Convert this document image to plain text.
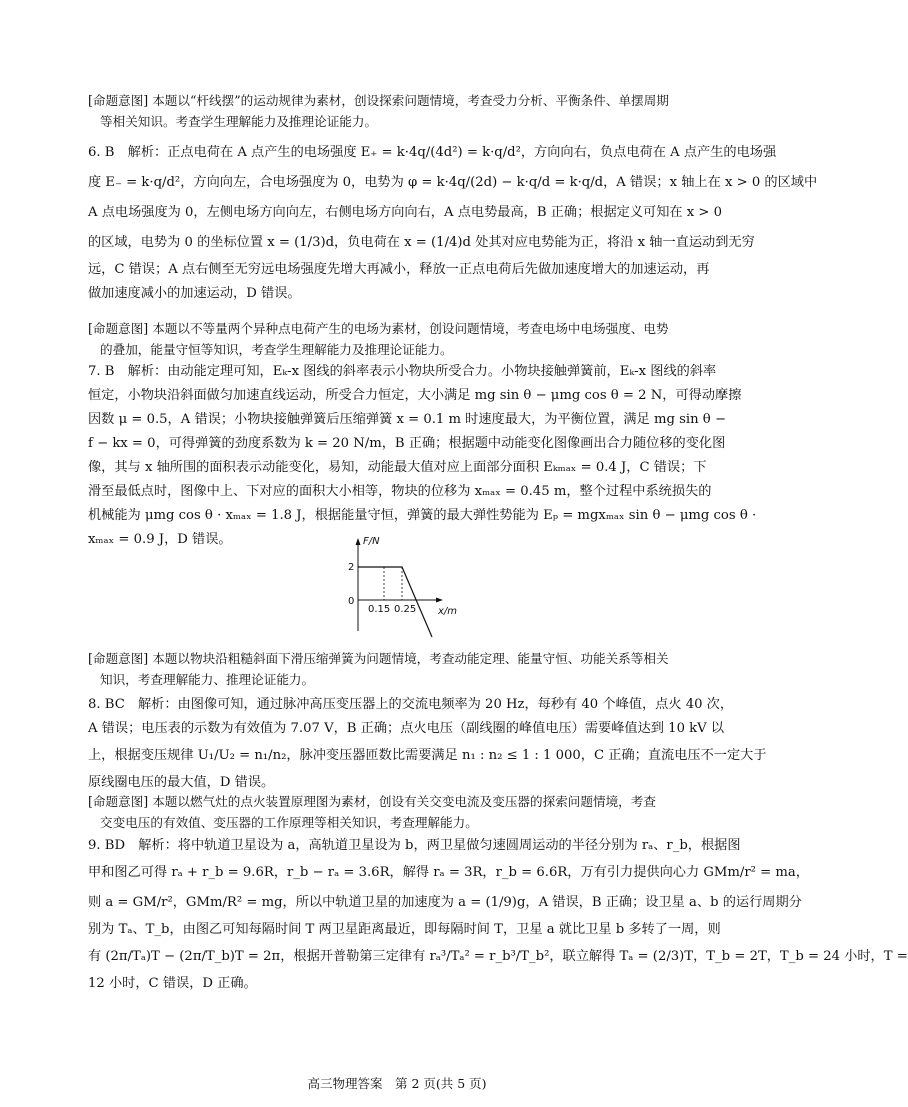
[命题意图] 本题以“杆线摆”的运动规律为素材，创设探索问题情境，考查受力分析、平衡条件、单摆周期
等相关知识。考查学生理解能力及推理论证能力。
6. B　解析：正点电荷在 A 点产生的电场强度 E₊ = k·4q/(4d²) = k·q/d²，方向向右，负点电荷在 A 点产生的电场强
度 E₋ = k·q/d²，方向向左，合电场强度为 0，电势为 φ = k·4q/(2d) − k·q/d = k·q/d，A 错误；x 轴上在 x > 0 的区域中
A 点电场强度为 0，左侧电场方向向左，右侧电场方向向右，A 点电势最高，B 正确；根据定义可知在 x > 0
的区域，电势为 0 的坐标位置 x = (1/3)d，负电荷在 x = (1/4)d 处其对应电势能为正，将沿 x 轴一直运动到无穷
远，C 错误；A 点右侧至无穷远电场强度先增大再减小，释放一正点电荷后先做加速度增大的加速运动，再
做加速度减小的加速运动，D 错误。
[命题意图] 本题以不等量两个异种点电荷产生的电场为素材，创设问题情境，考查电场中电场强度、电势
的叠加，能量守恒等知识，考查学生理解能力及推理论证能力。
7. B　解析：由动能定理可知，Eₖ-x 图线的斜率表示小物块所受合力。小物块接触弹簧前，Eₖ-x 图线的斜率
恒定，小物块沿斜面做匀加速直线运动，所受合力恒定，大小满足 mg sin θ − μmg cos θ = 2 N，可得动摩擦
因数 μ = 0.5，A 错误；小物块接触弹簧后压缩弹簧 x = 0.1 m 时速度最大，为平衡位置，满足 mg sin θ −
f − kx = 0，可得弹簧的劲度系数为 k = 20 N/m，B 正确；根据题中动能变化图像画出合力随位移的变化图
像，其与 x 轴所围的面积表示动能变化，易知，动能最大值对应上面部分面积 Eₖₘₐₓ = 0.4 J，C 错误；下
滑至最低点时，图像中上、下对应的面积大小相等，物块的位移为 xₘₐₓ = 0.45 m，整个过程中系统损失的
机械能为 μmg cos θ · xₘₐₓ = 1.8 J，根据能量守恒，弹簧的最大弹性势能为 Eₚ = mgxₘₐₓ sin θ − μmg cos θ ·
xₘₐₓ = 0.9 J，D 错误。	F/N
2
0
0.15 0.25 x/m
[命题意图] 本题以物块沿粗糙斜面下滑压缩弹簧为问题情境，考查动能定理、能量守恒、功能关系等相关
知识，考查理解能力、推理论证能力。
8. BC　解析：由图像可知，通过脉冲高压变压器上的交流电频率为 20 Hz，每秒有 40 个峰值，点火 40 次，
A 错误；电压表的示数为有效值为 7.07 V，B 正确；点火电压（副线圈的峰值电压）需要峰值达到 10 kV 以
上，根据变压规律 U₁/U₂ = n₁/n₂，脉冲变压器匝数比需要满足 n₁ : n₂ ≤ 1 : 1 000，C 正确；直流电压不一定大于
原线圈电压的最大值，D 错误。
[命题意图] 本题以燃气灶的点火装置原理图为素材，创设有关交变电流及变压器的探索问题情境，考查
交变电压的有效值、变压器的工作原理等相关知识，考查理解能力。
9. BD　解析：将中轨道卫星设为 a，高轨道卫星设为 b，两卫星做匀速圆周运动的半径分别为 rₐ、r_b，根据图
甲和图乙可得 rₐ + r_b = 9.6R，r_b − rₐ = 3.6R，解得 rₐ = 3R，r_b = 6.6R，万有引力提供向心力 GMm/r² = ma，
则 a = GM/r²，GMm/R² = mg，所以中轨道卫星的加速度为 a = (1/9)g，A 错误，B 正确；设卫星 a、b 的运行周期分
别为 Tₐ、T_b，由图乙可知每隔时间 T 两卫星距离最近，即每隔时间 T，卫星 a 就比卫星 b 多转了一周，则
有 (2π/Tₐ)T − (2π/T_b)T = 2π，根据开普勒第三定律有 rₐ³/Tₐ² = r_b³/T_b²，联立解得 Tₐ = (2/3)T，T_b = 2T，T_b = 24 小时，T =
12 小时，C 错误，D 正确。
高三物理答案　第 2 页(共 5 页)
